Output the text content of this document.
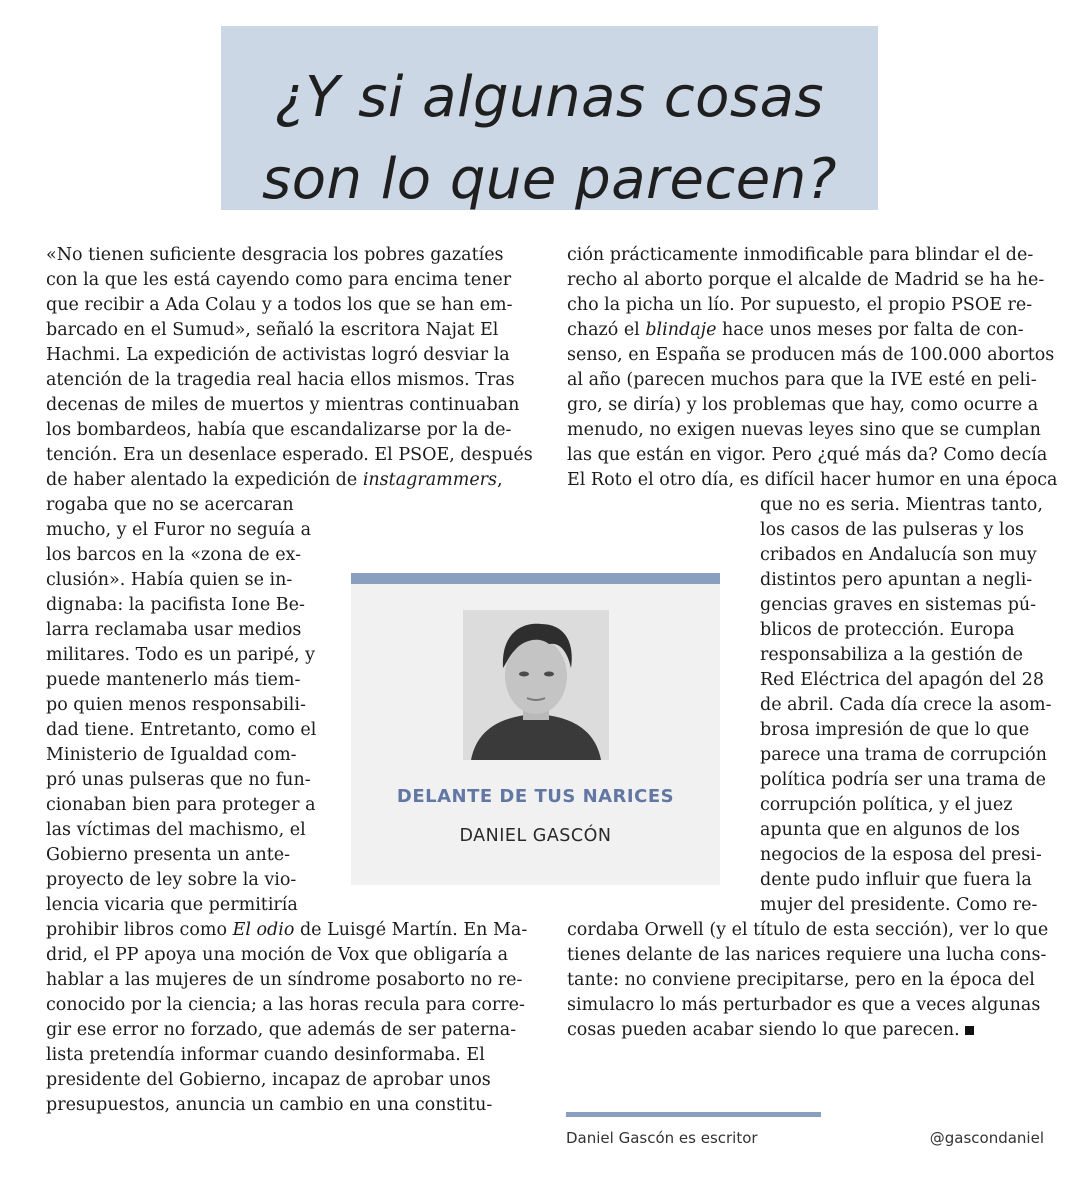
¿Y si algunas cosas
son lo que parecen?
«No tienen suficiente desgracia los pobres gazatíes
con la que les está cayendo como para encima tener
que recibir a Ada Colau y a todos los que se han em-
barcado en el Sumud», señaló la escritora Najat El
Hachmi. La expedición de activistas logró desviar la
atención de la tragedia real hacia ellos mismos. Tras
decenas de miles de muertos y mientras continuaban
los bombardeos, había que escandalizarse por la de-
tención. Era un desenlace esperado. El PSOE, después
de haber alentado la expedición de instagrammers,
rogaba que no se acercaran
mucho, y el Furor no seguía a
los barcos en la «zona de ex-
clusión». Había quien se in-
dignaba: la pacifista Ione Be-
larra reclamaba usar medios
militares. Todo es un paripé, y
puede mantenerlo más tiem-
po quien menos responsabili-
dad tiene. Entretanto, como el
Ministerio de Igualdad com-
pró unas pulseras que no fun-
cionaban bien para proteger a
las víctimas del machismo, el
Gobierno presenta un ante-
proyecto de ley sobre la vio-
lencia vicaria que permitiría
prohibir libros como El odio de Luisgé Martín. En Ma-
drid, el PP apoya una moción de Vox que obligaría a
hablar a las mujeres de un síndrome posaborto no re-
conocido por la ciencia; a las horas recula para corre-
gir ese error no forzado, que además de ser paterna-
lista pretendía informar cuando desinformaba. El
presidente del Gobierno, incapaz de aprobar unos
presupuestos, anuncia un cambio en una constitu-
ción prácticamente inmodificable para blindar el de-
recho al aborto porque el alcalde de Madrid se ha he-
cho la picha un lío. Por supuesto, el propio PSOE re-
chazó el blindaje hace unos meses por falta de con-
senso, en España se producen más de 100.000 abortos
al año (parecen muchos para que la IVE esté en peli-
gro, se diría) y los problemas que hay, como ocurre a
menudo, no exigen nuevas leyes sino que se cumplan
las que están en vigor. Pero ¿qué más da? Como decía
El Roto el otro día, es difícil hacer humor en una época
que no es seria. Mientras tanto,
los casos de las pulseras y los
cribados en Andalucía son muy
distintos pero apuntan a negli-
gencias graves en sistemas pú-
blicos de protección. Europa
responsabiliza a la gestión de
Red Eléctrica del apagón del 28
de abril. Cada día crece la asom-
brosa impresión de que lo que
parece una trama de corrupción
política podría ser una trama de
corrupción política, y el juez
apunta que en algunos de los
negocios de la esposa del presi-
dente pudo influir que fuera la
mujer del presidente. Como re-
cordaba Orwell (y el título de esta sección), ver lo que
tienes delante de las narices requiere una lucha cons-
tante: no conviene precipitarse, pero en la época del
simulacro lo más perturbador es que a veces algunas
cosas pueden acabar siendo lo que parecen.
DELANTE DE TUS NARICES
DANIEL GASCÓN
Daniel Gascón es escritor	@gascondaniel
